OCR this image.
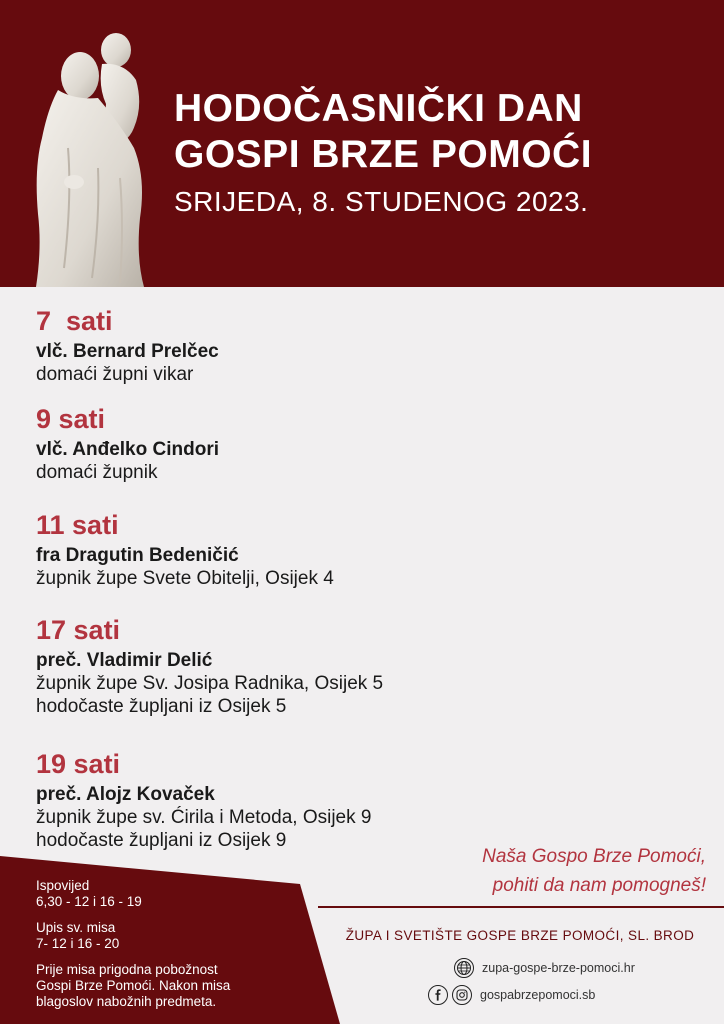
HODOČASNIČKI DAN
GOSPI BRZE POMOĆI

SRIJEDA, 8. STUDENOG 2023.

7  sati

vlč. Bernard Prelčec

domaći župni vikar

9 sati

vlč. Anđelko Cindori

domaći župnik

11 sati

fra Dragutin Bedeničić

župnik župe Svete Obitelji, Osijek 4

17 sati

preč. Vladimir Delić

župnik župe Sv. Josipa Radnika, Osijek 5

hodočaste župljani iz Osijek 5

19 sati

preč. Alojz Kovaček

župnik župe sv. Ćirila i Metoda, Osijek 9

hodočaste župljani iz Osijek 9

Ispovijed

6,30 - 12 i 16 - 19

Upis sv. misa

7- 12 i 16 - 20

Prije misa prigodna pobožnost

Gospi Brze Pomoći. Nakon misa

blagoslov nabožnih predmeta.

Naša Gospo Brze Pomoći,

pohiti da nam pomogneš!

ŽUPA I SVETIŠTE GOSPE BRZE POMOĆI, SL. BROD
zupa-gospe-brze-pomoci.hr
gospabrzepomoci.sb
